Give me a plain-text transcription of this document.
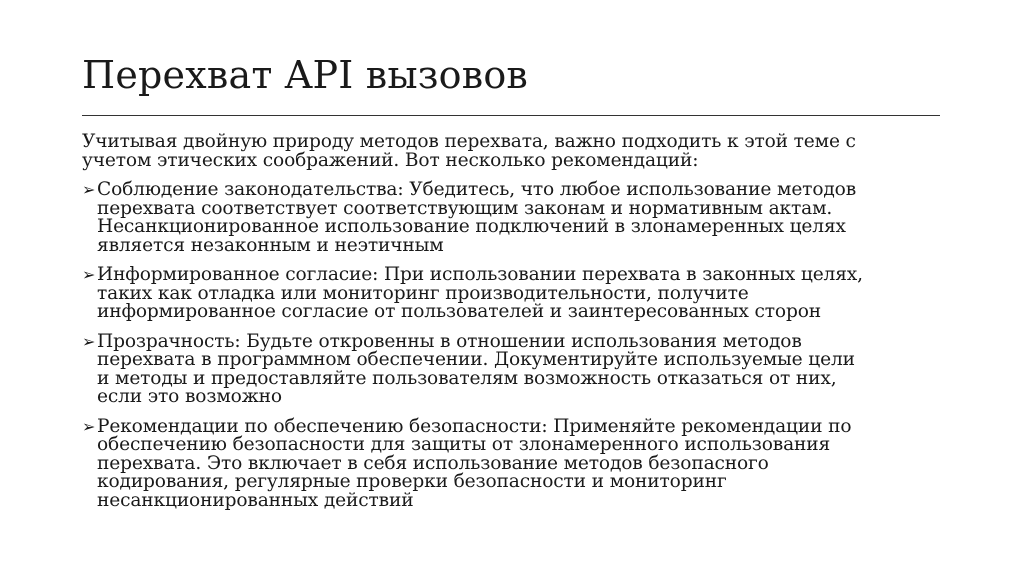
Перехват API вызовов

Учитывая двойную природу методов перехвата, важно подходить к этой теме с
учетом этических соображений. Вот несколько рекомендаций:

➢ Соблюдение законодательства: Убедитесь, что любое использование методов
перехвата соответствует соответствующим законам и нормативным актам.
Несанкционированное использование подключений в злонамеренных целях
является незаконным и неэтичным
➢ Информированное согласие: При использовании перехвата в законных целях,
таких как отладка или мониторинг производительности, получите
информированное согласие от пользователей и заинтересованных сторон
➢ Прозрачность: Будьте откровенны в отношении использования методов
перехвата в программном обеспечении. Документируйте используемые цели
и методы и предоставляйте пользователям возможность отказаться от них,
если это возможно
➢ Рекомендации по обеспечению безопасности: Применяйте рекомендации по
обеспечению безопасности для защиты от злонамеренного использования
перехвата. Это включает в себя использование методов безопасного
кодирования, регулярные проверки безопасности и мониторинг
несанкционированных действий
